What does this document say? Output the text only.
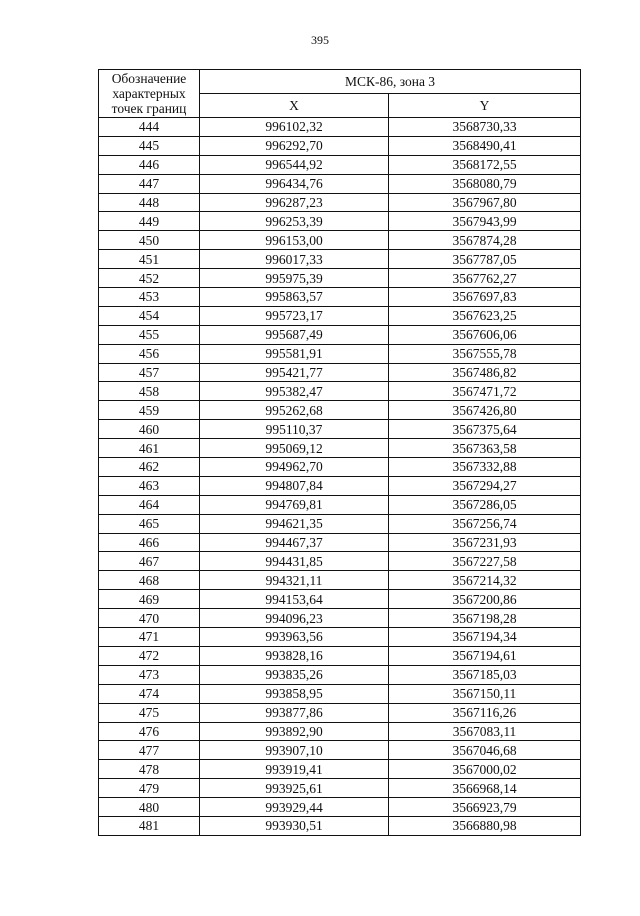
395
Обозначение характерных точек границ	МСК-86, зона 3	
	X	Y
444	996102,32	3568730,33
445	996292,70	3568490,41
446	996544,92	3568172,55
447	996434,76	3568080,79
448	996287,23	3567967,80
449	996253,39	3567943,99
450	996153,00	3567874,28
451	996017,33	3567787,05
452	995975,39	3567762,27
453	995863,57	3567697,83
454	995723,17	3567623,25
455	995687,49	3567606,06
456	995581,91	3567555,78
457	995421,77	3567486,82
458	995382,47	3567471,72
459	995262,68	3567426,80
460	995110,37	3567375,64
461	995069,12	3567363,58
462	994962,70	3567332,88
463	994807,84	3567294,27
464	994769,81	3567286,05
465	994621,35	3567256,74
466	994467,37	3567231,93
467	994431,85	3567227,58
468	994321,11	3567214,32
469	994153,64	3567200,86
470	994096,23	3567198,28
471	993963,56	3567194,34
472	993828,16	3567194,61
473	993835,26	3567185,03
474	993858,95	3567150,11
475	993877,86	3567116,26
476	993892,90	3567083,11
477	993907,10	3567046,68
478	993919,41	3567000,02
479	993925,61	3566968,14
480	993929,44	3566923,79
481	993930,51	3566880,98
